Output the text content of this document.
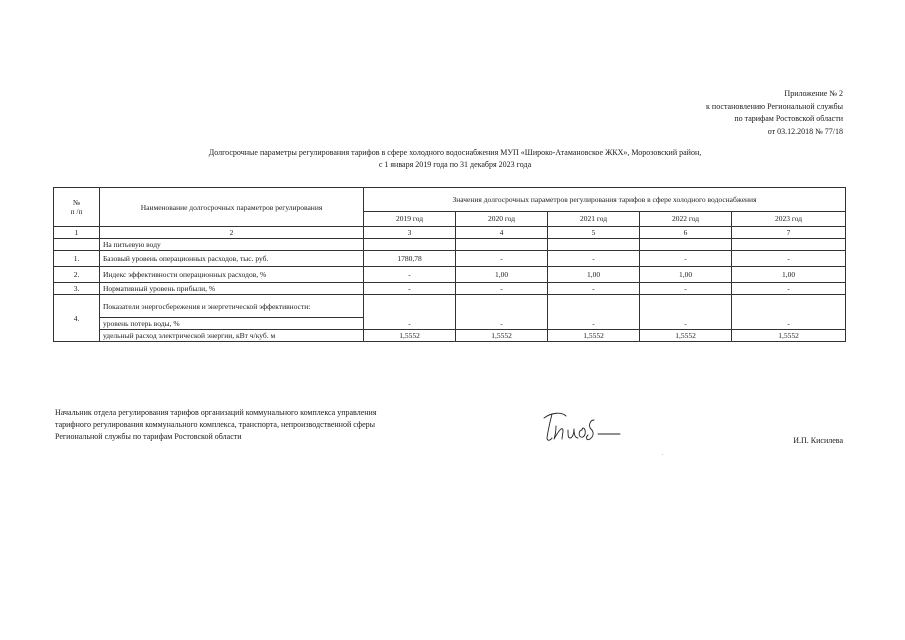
Приложение № 2
к постановлению Региональной службы
по тарифам Ростовской области
от 03.12.2018 № 77/18
Долгосрочные параметры регулирования тарифов в сфере холодного водоснабжения МУП «Широко-Атамановское ЖКХ», Морозовский район,
с 1 января 2019 года по 31 декабря 2023 года
№
п /п	Наименование долгосрочных параметров регулирования	Значения долгосрочных параметров регулирования тарифов в сфере холодного водоснабжения				
		2019 год	2020 год	2021 год	2022 год	2023 год
1	2	3	4	5	6	7
	На питьевую воду					
1.	Базовый уровень операционных расходов, тыс. руб.	1780,78	-	-	-	-
2.	Индекс эффективности операционных расходов, %	-	1,00	1,00	1,00	1,00
3.	Нормативный уровень прибыли, %	-	-	-	-	-
4.	Показатели энергосбережения и энергетической эффективности:					
	уровень потерь воды, %	-	-	-	-	-
	удельный расход электрической энергии, кВт ч/куб. м	1,5552	1,5552	1,5552	1,5552	1,5552
Начальник отдела регулирования тарифов организаций коммунального комплекса управления
тарифного регулирования коммунального комплекса, транспорта, непроизводственной сферы
Региональной службы по тарифам Ростовской области	И.П. Кисилева
.
